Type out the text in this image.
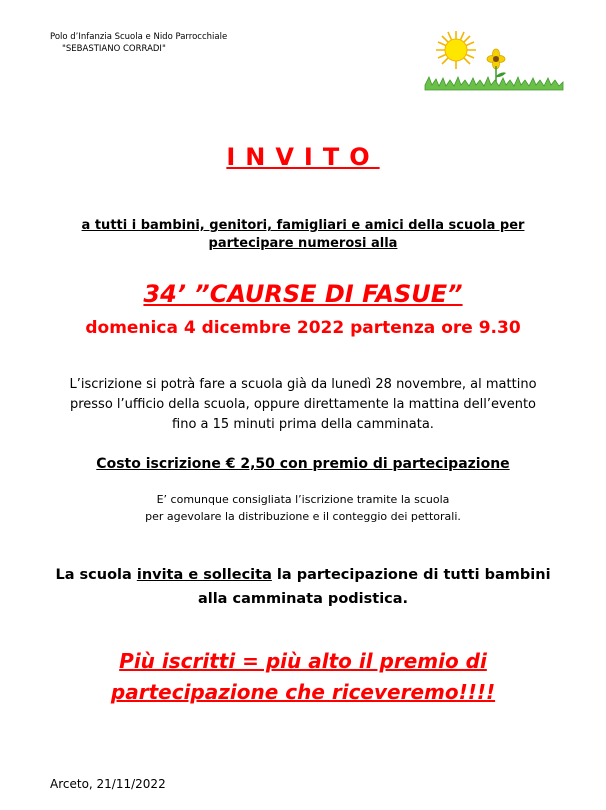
Polo d’Infanzia Scuola e Nido Parrocchiale
"SEBASTIANO CORRADI"
INVITO
a tutti i bambini, genitori, famigliari e amici della scuola per
partecipare numerosi alla
34’ ”CAURSE DI FASUE”
domenica 4 dicembre 2022 partenza ore 9.30
L’iscrizione si potrà fare a scuola già da lunedì 28 novembre, al mattino
presso l’ufficio della scuola, oppure direttamente la mattina dell’evento
fino a 15 minuti prima della camminata.
Costo iscrizione € 2,50 con premio di partecipazione
E’ comunque consigliata l’iscrizione tramite la scuola
per agevolare la distribuzione e il conteggio dei pettorali.
La scuola invita e sollecita la partecipazione di tutti bambini
alla camminata podistica.
Più iscritti = più alto il premio di
partecipazione che riceveremo!!!!
Arceto, 21/11/2022
